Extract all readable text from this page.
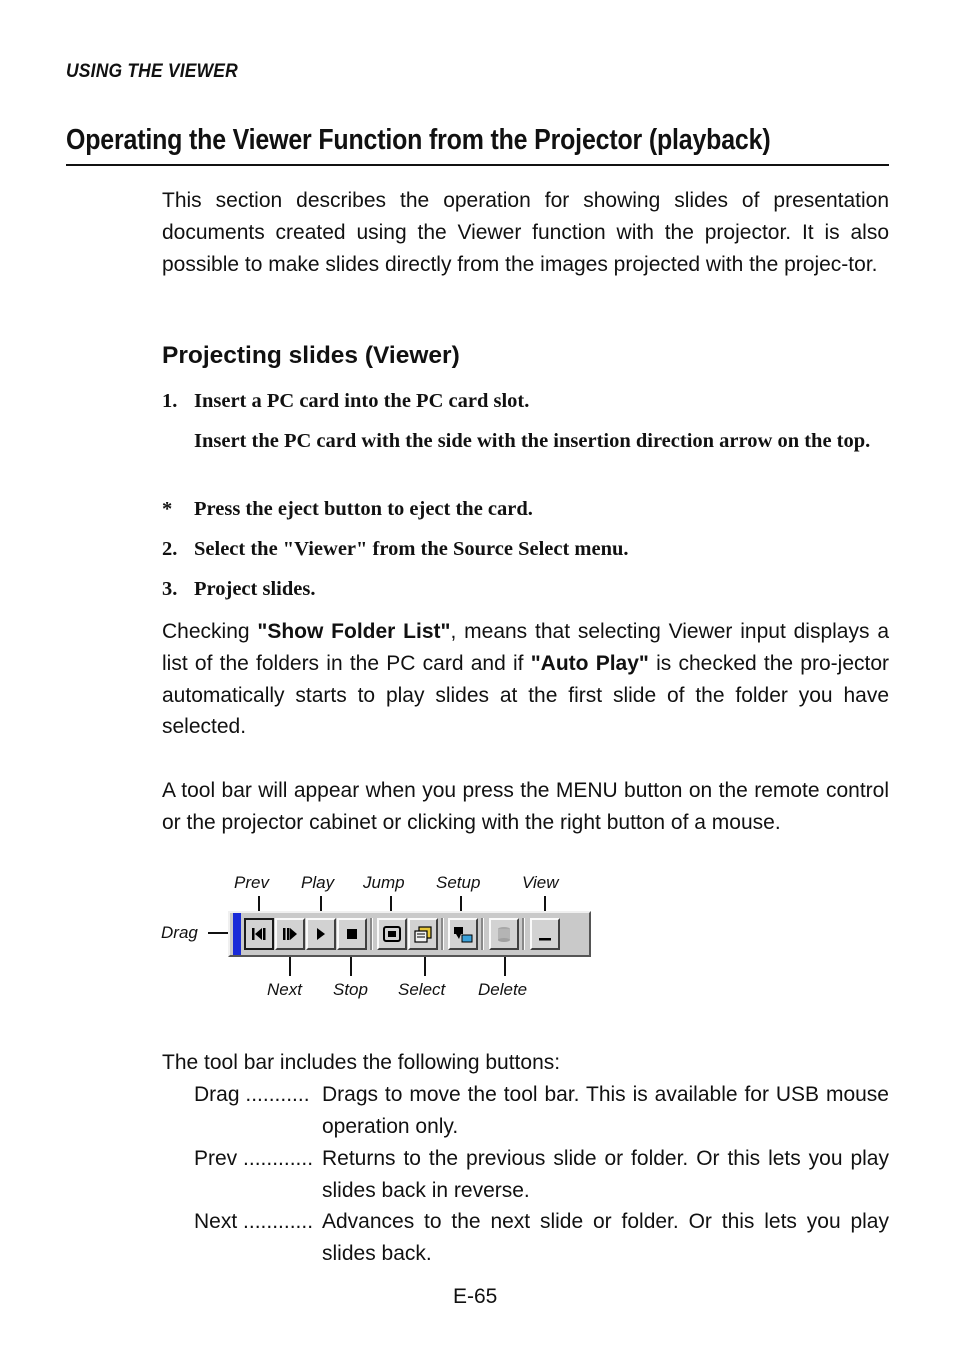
USING THE VIEWER
Operating the Viewer Function from the Projector (playback)
This section describes the operation for showing slides of presentation documents created using the Viewer function with the projector. It is also possible to make slides directly from the images projected with the projec-tor.
Projecting slides (Viewer)
1. Insert a PC card into the PC card slot.
Insert the PC card with the side with the insertion direction arrow on the top.
* Press the eject button to eject the card.
2. Select the "Viewer" from the Source Select menu.
3. Project slides.
Checking "Show Folder List", means that selecting Viewer input displays a list of the folders in the PC card and if "Auto Play" is checked the pro-jector automatically starts to play slides at the first slide of the folder you have selected.
A tool bar will appear when you press the MENU button on the remote control or the projector cabinet or clicking with the right button of a mouse.
Prev Play Jump Setup View
Drag
Next Stop Select Delete
The tool bar includes the following buttons:
Drag ........... Drags to move the tool bar. This is available for USB mouse operation only.
Prev ............ Returns to the previous slide or folder. Or this lets you play slides back in reverse.
Next ............ Advances to the next slide or folder. Or this lets you play slides back.
E-65
